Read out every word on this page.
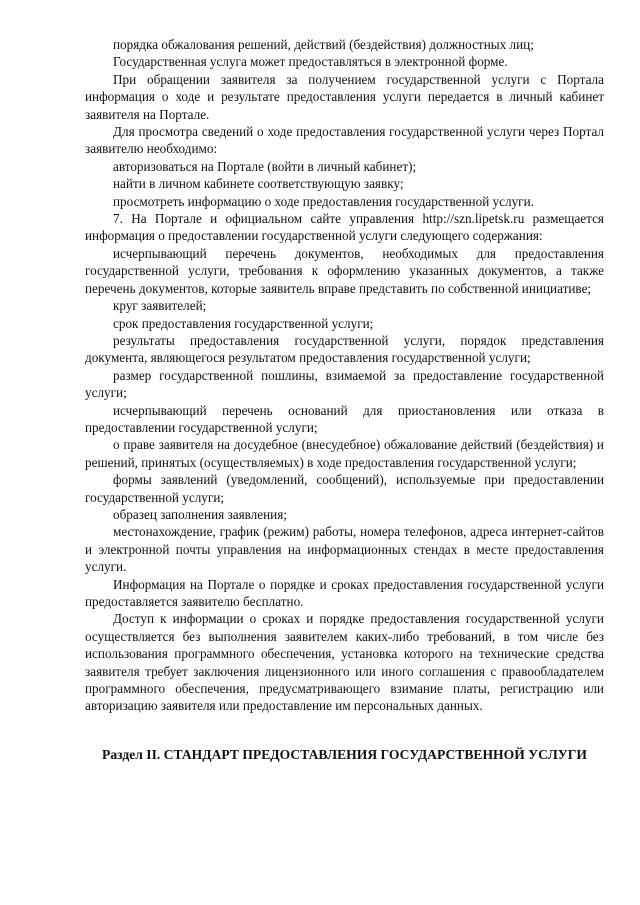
порядка обжалования решений, действий (бездействия) должностных лиц;

Государственная услуга может предоставляться в электронной форме.

При обращении заявителя за получением государственной услуги с Портала информация о ходе и результате предоставления услуги передается в личный кабинет заявителя на Портале.

Для просмотра сведений о ходе предоставления государственной услуги через Портал заявителю необходимо:

авторизоваться на Портале (войти в личный кабинет);

найти в личном кабинете соответствующую заявку;

просмотреть информацию о ходе предоставления государственной услуги.

7. На Портале и официальном сайте управления http://szn.lipetsk.ru размещается информация о предоставлении государственной услуги следующего содержания:

исчерпывающий перечень документов, необходимых для предоставления государственной услуги, требования к оформлению указанных документов, а также перечень документов, которые заявитель вправе представить по собственной инициативе;

круг заявителей;

срок предоставления государственной услуги;

результаты предоставления государственной услуги, порядок представления документа, являющегося результатом предоставления государственной услуги;

размер государственной пошлины, взимаемой за предоставление государственной услуги;

исчерпывающий перечень оснований для приостановления или отказа в предоставлении государственной услуги;

о праве заявителя на досудебное (внесудебное) обжалование действий (бездействия) и решений, принятых (осуществляемых) в ходе предоставления государственной услуги;

формы заявлений (уведомлений, сообщений), используемые при предоставлении государственной услуги;

образец заполнения заявления;

местонахождение, график (режим) работы, номера телефонов, адреса интернет-сайтов и электронной почты управления на информационных стендах в месте предоставления услуги.

Информация на Портале о порядке и сроках предоставления государственной услуги предоставляется заявителю бесплатно.

Доступ к информации о сроках и порядке предоставления государственной услуги осуществляется без выполнения заявителем каких-либо требований, в том числе без использования программного обеспечения, установка которого на технические средства заявителя требует заключения лицензионного или иного соглашения с правообладателем программного обеспечения, предусматривающего взимание платы, регистрацию или авторизацию заявителя или предоставление им персональных данных.

Раздел II. СТАНДАРТ ПРЕДОСТАВЛЕНИЯ ГОСУДАРСТВЕННОЙ УСЛУГИ
